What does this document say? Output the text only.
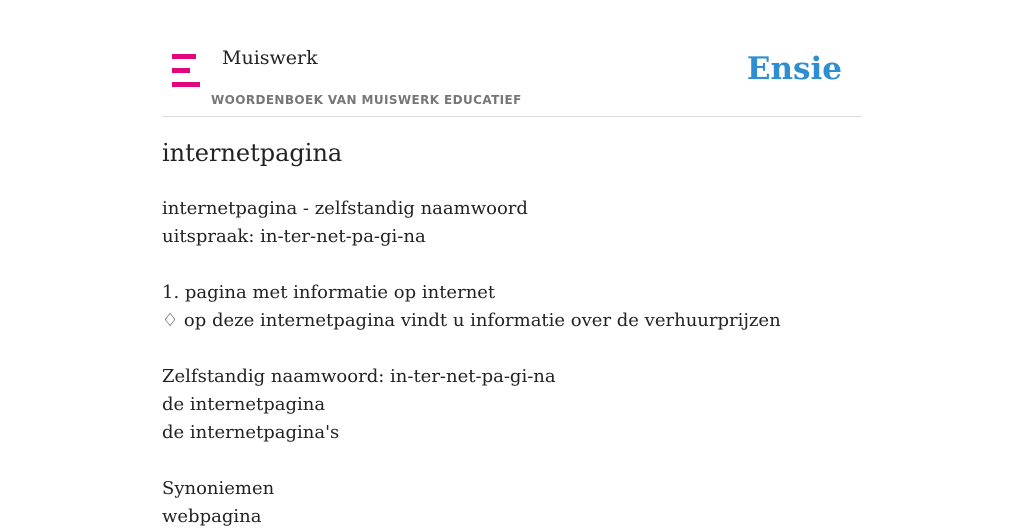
Muiswerk
WOORDENBOEK VAN MUISWERK EDUCATIEF
Ensie
internetpagina
internetpagina - zelfstandig naamwoord
uitspraak: in-ter-net-pa-gi-na
1. pagina met informatie op internet
♢ op deze internetpagina vindt u informatie over de verhuurprijzen
Zelfstandig naamwoord: in-ter-net-pa-gi-na
de internetpagina
de internetpagina's
Synoniemen
webpagina
